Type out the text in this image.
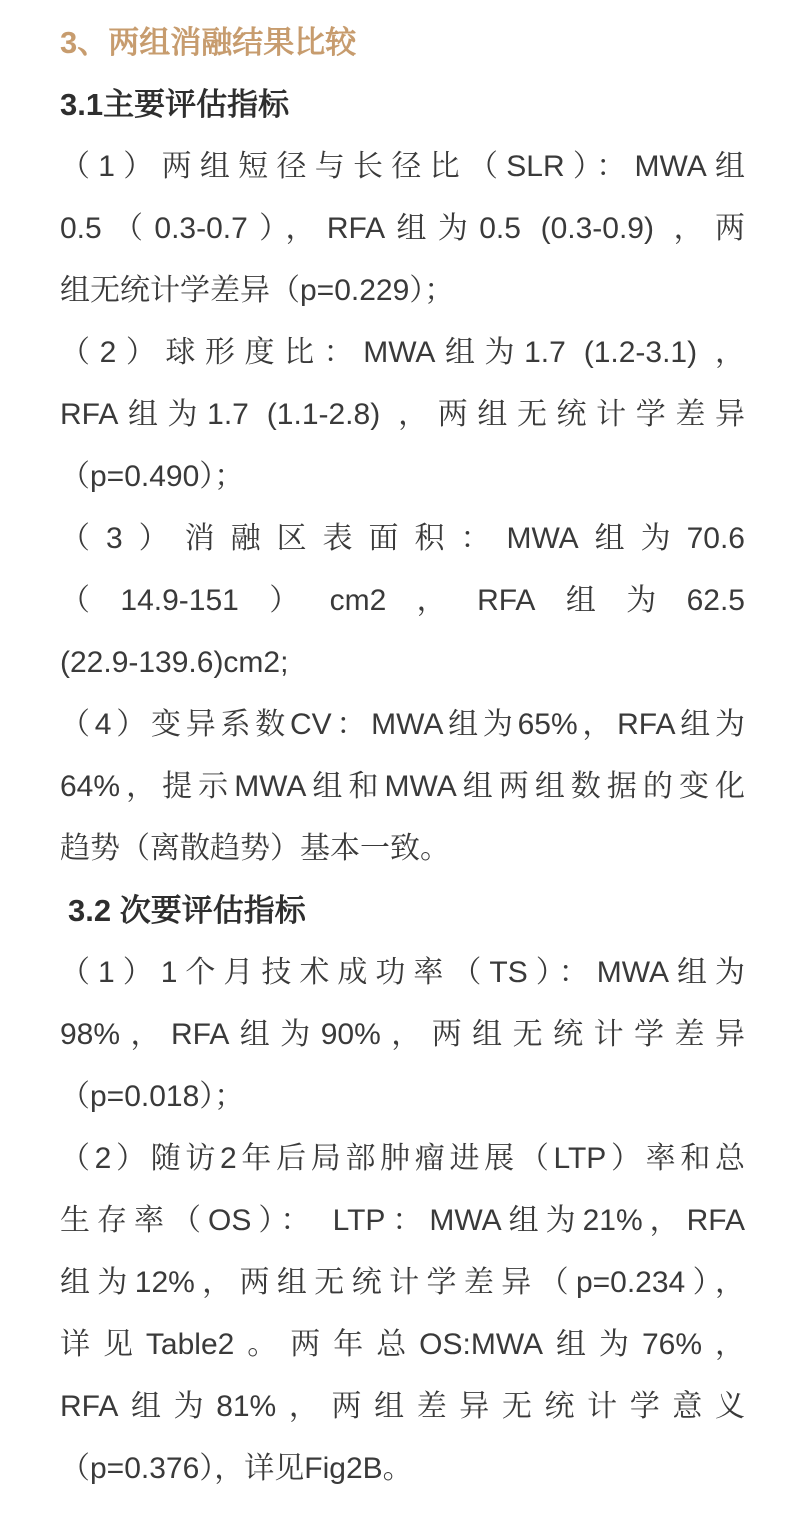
3、两组消融结果比较
3.1主要评估指标
（1）两组短径与长径比（SLR）：MWA组
0.5（0.3-0.7），RFA组为0.5 (0.3-0.9) ，两
组无统计学差异（p=0.229）；
（2）球形度比：MWA组为1.7 (1.2-3.1) ，
RFA组为1.7 (1.1-2.8) ，两组无统计学差异
（p=0.490）；
（3）消融区表面积：MWA组为70.6
（14.9-151）cm2，RFA组为62.5
(22.9-139.6)cm2;
（4）变异系数CV：MWA组为65%，RFA组为
64%，提示MWA组和MWA组两组数据的变化
趋势（离散趋势）基本一致。
3.2 次要评估指标
（1）1个月技术成功率（TS）：MWA组为
98%，RFA组为90%，两组无统计学差异
（p=0.018）；
（2）随访2年后局部肿瘤进展（LTP）率和总
生存率（OS）： LTP：MWA组为21%，RFA
组为12%，两组无统计学差异（p=0.234），
详见Table2。两年总OS:MWA组为76%，
RFA组为81%，两组差异无统计学意义
（p=0.376），详见Fig2B。
